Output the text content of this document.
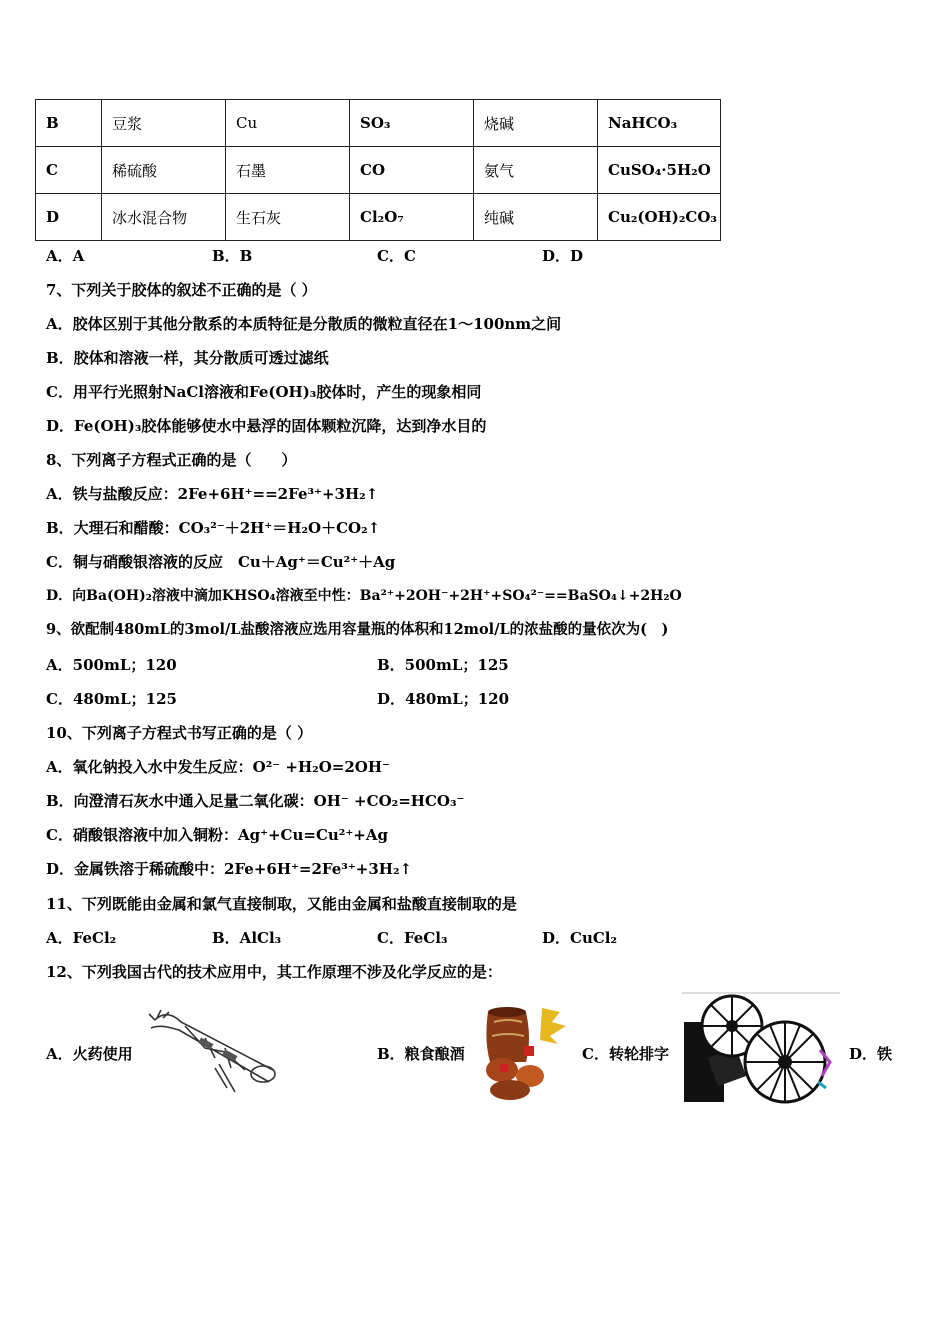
B	豆浆	Cu	SO₃	烧碱	NaHCO₃
C	稀硫酸	石墨	CO	氨气	CuSO₄·5H₂O
D	冰水混合物	生石灰	Cl₂O₇	纯碱	Cu₂(OH)₂CO₃
A．A	B．B	C．C	D．D
7、下列关于胶体的叙述不正确的是（ ）
A．胶体区别于其他分散系的本质特征是分散质的微粒直径在1～100nm之间
B．胶体和溶液一样，其分散质可透过滤纸
C．用平行光照射NaCl溶液和Fe(OH)₃胶体时，产生的现象相同
D．Fe(OH)₃胶体能够使水中悬浮的固体颗粒沉降，达到净水目的
8、下列离子方程式正确的是（　　）
A．铁与盐酸反应：2Fe+6H⁺==2Fe³⁺+3H₂↑
B．大理石和醋酸：CO₃²⁻＋2H⁺＝H₂O＋CO₂↑
C．铜与硝酸银溶液的反应　Cu＋Ag⁺＝Cu²⁺＋Ag
D．向Ba(OH)₂溶液中滴加KHSO₄溶液至中性：Ba²⁺+2OH⁻+2H⁺+SO₄²⁻==BaSO₄↓+2H₂O
9、欲配制480mL的3mol/L盐酸溶液应选用容量瓶的体积和12mol/L的浓盐酸的量依次为(　)
A．500mL；120	B．500mL；125
C．480mL；125	D．480mL；120
10、下列离子方程式书写正确的是（ ）
A．氧化钠投入水中发生反应：O²⁻ +H₂O=2OH⁻
B．向澄清石灰水中通入足量二氧化碳：OH⁻ +CO₂=HCO₃⁻
C．硝酸银溶液中加入铜粉：Ag⁺+Cu=Cu²⁺+Ag
D．金属铁溶于稀硫酸中：2Fe+6H⁺=2Fe³⁺+3H₂↑
11、下列既能由金属和氯气直接制取，又能由金属和盐酸直接制取的是
A．FeCl₂	B．AlCl₃	C．FeCl₃	D．CuCl₂
12、下列我国古代的技术应用中，其工作原理不涉及化学反应的是：
A．火药使用	B．粮食酿酒	C．转轮排字	D．铁
